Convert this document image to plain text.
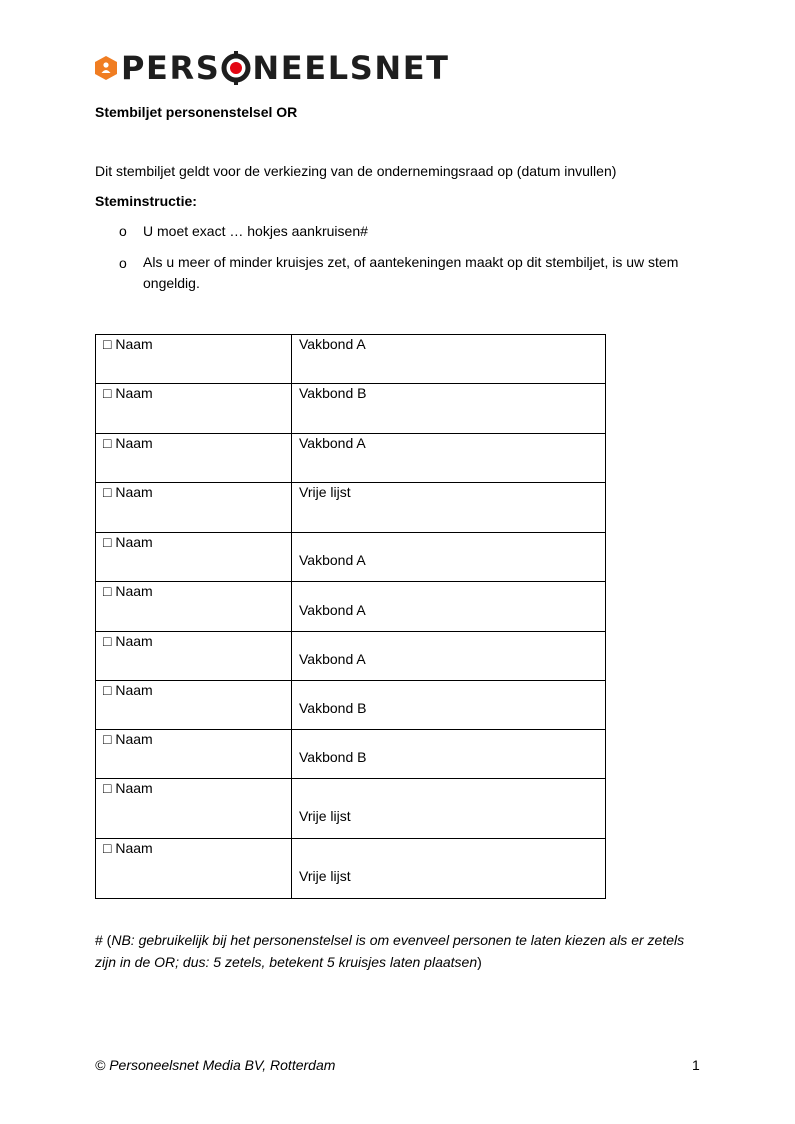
PERS NEELSNET
Stembiljet personenstelsel OR
Dit stembiljet geldt voor de verkiezing van de ondernemingsraad op (datum invullen)
Steminstructie:
o U moet exact … hokjes aankruisen#
o Als u meer of minder kruisjes zet, of aantekeningen maakt op dit stembiljet, is uw stem ongeldig.
□ Naam	Vakbond A
□ Naam	Vakbond B
□ Naam	Vakbond A
□ Naam	Vrije lijst
□ Naam	Vakbond A
□ Naam	Vakbond A
□ Naam	Vakbond A
□ Naam	Vakbond B
□ Naam	Vakbond B
□ Naam	Vrije lijst
□ Naam	Vrije lijst
# (NB: gebruikelijk bij het personenstelsel is om evenveel personen te laten kiezen als er zetels zijn in de OR; dus: 5 zetels, betekent 5 kruisjes laten plaatsen)
© Personeelsnet Media BV, Rotterdam	1
